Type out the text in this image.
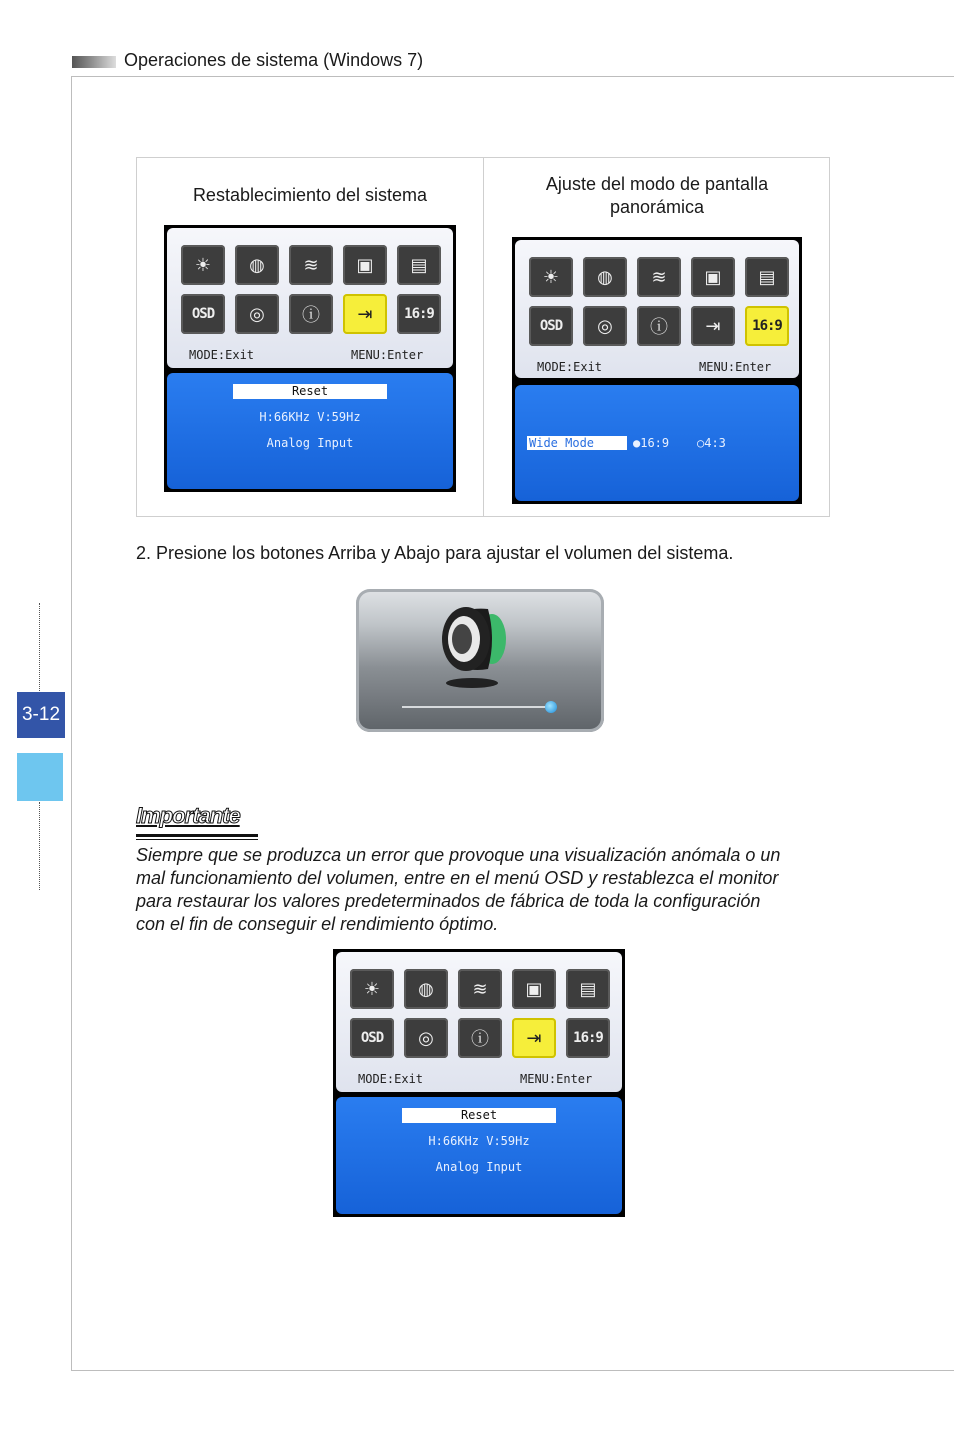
Operaciones de sistema (Windows 7)
3-12
Restablecimiento del sistema
Ajuste del modo de pantalla
panorámica
☀	◍	≋	▣	▤
OSD	◎	ⓘ	⇥	16:9
MODE:Exit	MENU:Enter
Reset
H:66KHz V:59Hz
Analog Input
☀	◍	≋	▣	▤
OSD	◎	ⓘ	⇥	16:9
MODE:Exit	MENU:Enter
Wide Mode	●16:9	○4:3
2. Presione los botones Arriba y Abajo para ajustar el volumen del sistema.
Importante
Siempre que se produzca un error que provoque una visualización anómala o un
mal funcionamiento del volumen, entre en el menú OSD y restablezca el monitor
para restaurar los valores predeterminados de fábrica de toda la configuración
con el fin de conseguir el rendimiento óptimo.
☀	◍	≋	▣	▤
OSD	◎	ⓘ	⇥	16:9
MODE:Exit	MENU:Enter
Reset
H:66KHz V:59Hz
Analog Input
